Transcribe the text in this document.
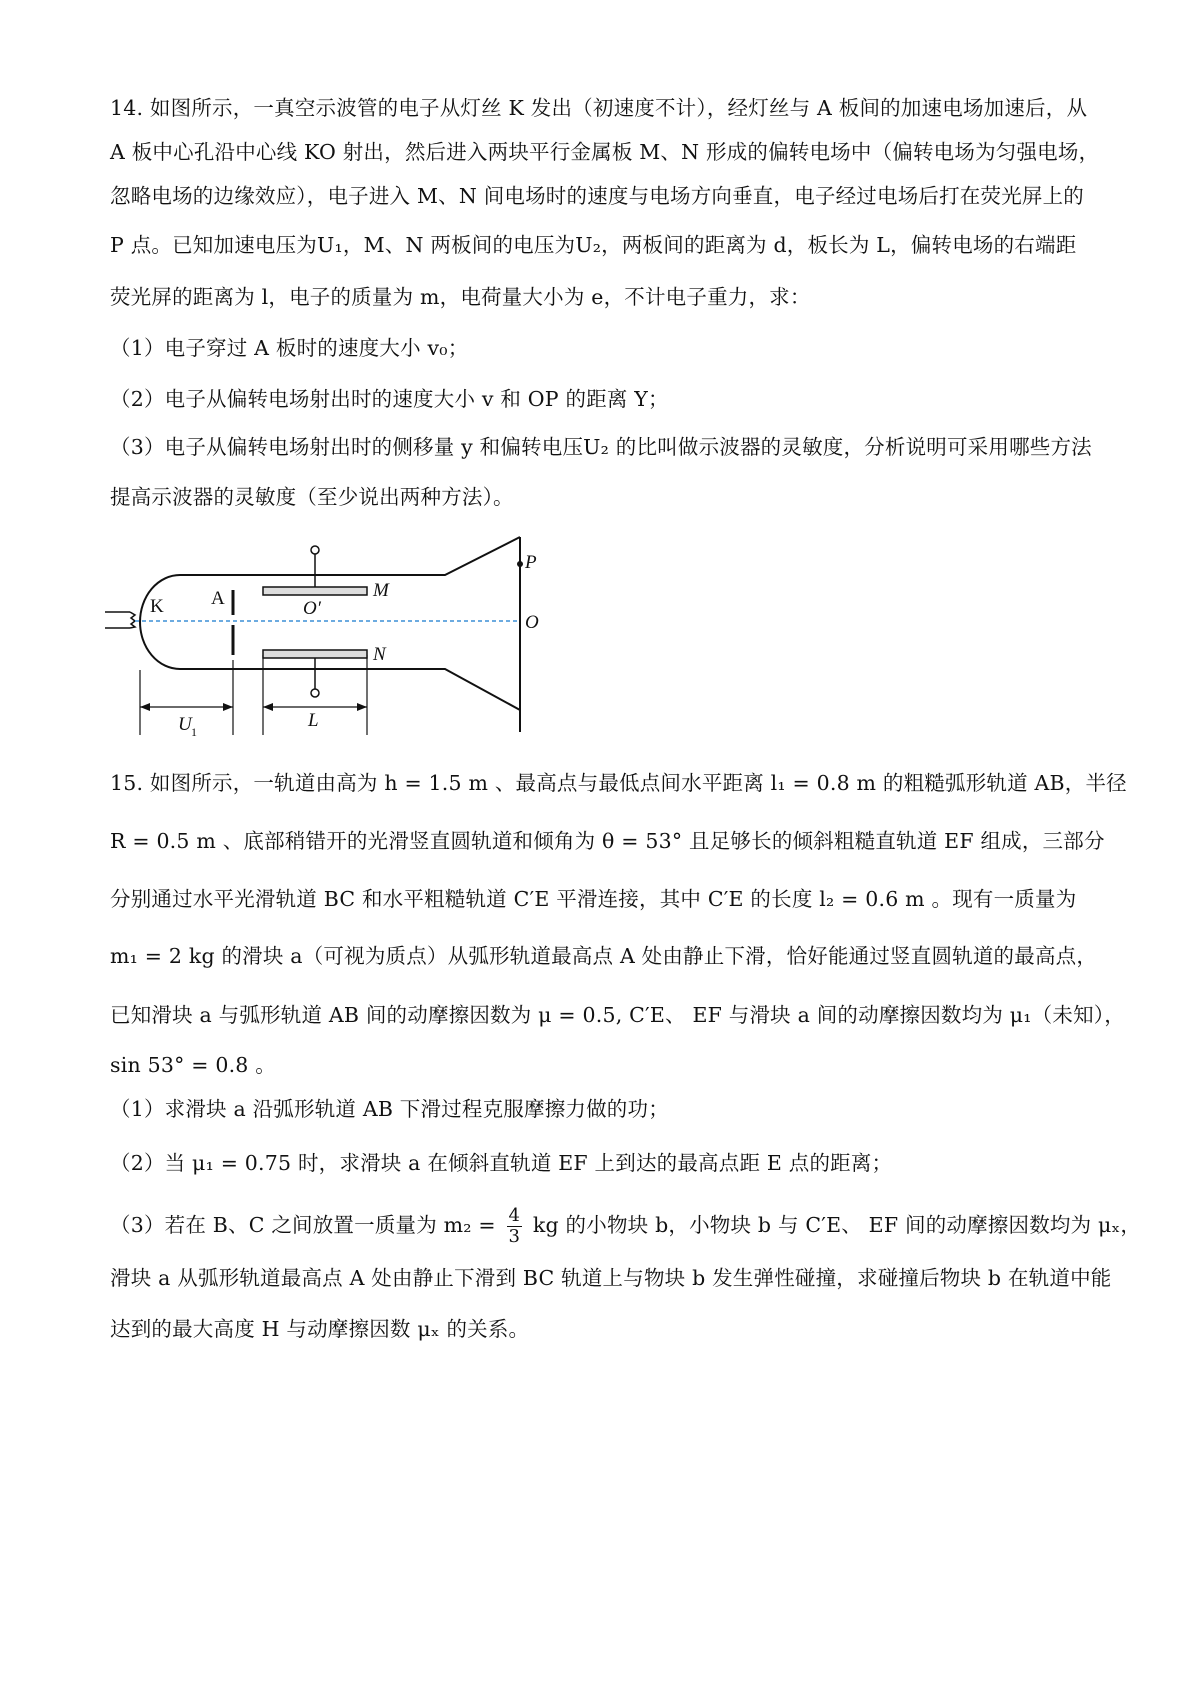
14. 如图所示，一真空示波管的电子从灯丝 K 发出（初速度不计），经灯丝与 A 板间的加速电场加速后，从
A 板中心孔沿中心线 KO 射出，然后进入两块平行金属板 M、N 形成的偏转电场中（偏转电场为匀强电场，
忽略电场的边缘效应），电子进入 M、N 间电场时的速度与电场方向垂直，电子经过电场后打在荧光屏上的
P 点。已知加速电压为U₁，M、N 两板间的电压为U₂，两板间的距离为 d，板长为 L，偏转电场的右端距
荧光屏的距离为 l，电子的质量为 m，电荷量大小为 e，不计电子重力，求：
（1）电子穿过 A 板时的速度大小 v₀；
（2）电子从偏转电场射出时的速度大小 v 和 OP 的距离 Y；
（3）电子从偏转电场射出时的侧移量 y 和偏转电压U₂ 的比叫做示波器的灵敏度，分析说明可采用哪些方法
提高示波器的灵敏度（至少说出两种方法）。
P
O
M
N
O′
K A
U 1
L
15. 如图所示，一轨道由高为 h = 1.5 m 、最高点与最低点间水平距离 l₁ = 0.8 m 的粗糙弧形轨道 AB，半径
R = 0.5 m 、底部稍错开的光滑竖直圆轨道和倾角为 θ = 53° 且足够长的倾斜粗糙直轨道 EF 组成，三部分
分别通过水平光滑轨道 BC 和水平粗糙轨道 C′E 平滑连接，其中 C′E 的长度 l₂ = 0.6 m 。现有一质量为
m₁ = 2 kg 的滑块 a（可视为质点）从弧形轨道最高点 A 处由静止下滑，恰好能通过竖直圆轨道的最高点，
已知滑块 a 与弧形轨道 AB 间的动摩擦因数为 μ = 0.5, C′E、 EF 与滑块 a 间的动摩擦因数均为 μ₁（未知），
sin 53° = 0.8 。
（1）求滑块 a 沿弧形轨道 AB 下滑过程克服摩擦力做的功；
（2）当 μ₁ = 0.75 时，求滑块 a 在倾斜直轨道 EF 上到达的最高点距 E 点的距离；
（3）若在 B、C 之间放置一质量为 $m_2 = \frac{4}{3}$ kg 的小物块 b，小物块 b 与 C′E、 EF 间的动摩擦因数均为 μₓ，
滑块 a 从弧形轨道最高点 A 处由静止下滑到 BC 轨道上与物块 b 发生弹性碰撞，求碰撞后物块 b 在轨道中能
达到的最大高度 H 与动摩擦因数 μₓ 的关系。
